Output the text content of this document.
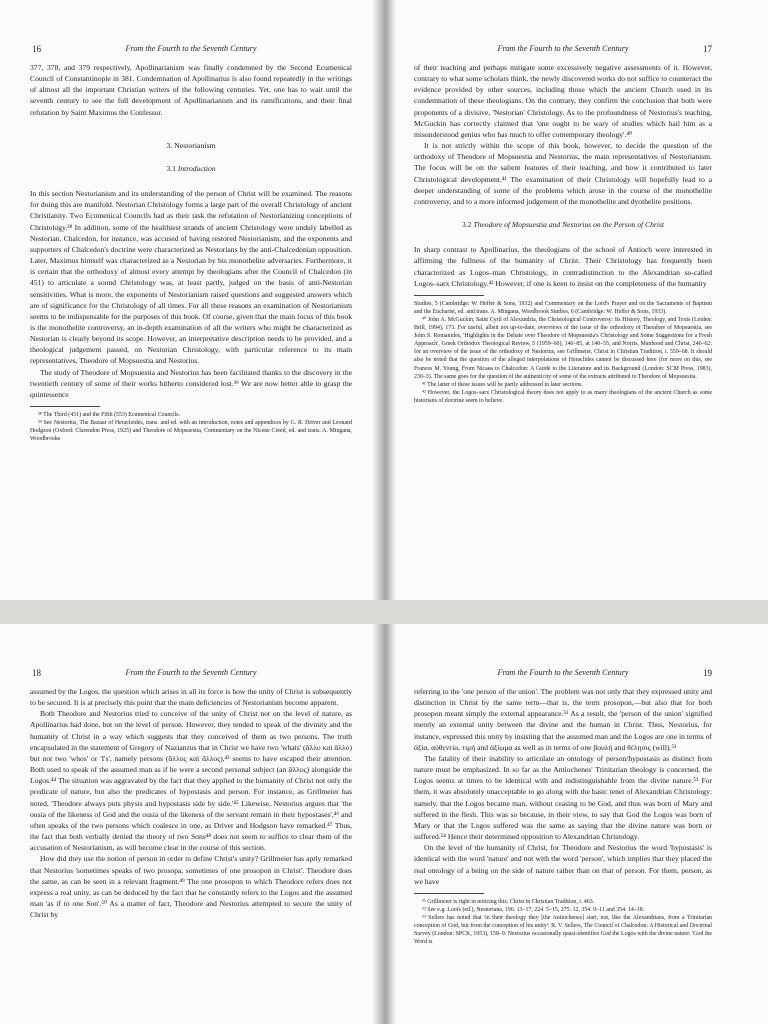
16	From the Fourth to the Seventh Century

377, 378, and 379 respectively, Apollinarianism was finally condemned by the Second Ecumenical Council of Constantinople in 381. Condemnation of Apollinarius is also found repeatedly in the writings of almost all the important Christian writers of the following centuries. Yet, one has to wait until the seventh century to see the full development of Apollinarianism and its ramifications, and their final refutation by Saint Maximus the Confessor.

3. Nestorianism
3.1 Introduction

In this section Nestorianism and its understanding of the person of Christ will be examined. The reasons for doing this are manifold. Nestorian Christology forms a large part of the overall Christology of ancient Christianity. Two Ecumenical Councils had as their task the refutation of Nestorianizing conceptions of Christology.³⁸ In addition, some of the healthiest strands of ancient Christology were unduly labelled as Nestorian. Chalcedon, for instance, was accused of having restored Nestorianism, and the exponents and supporters of Chalcedon's doctrine were characterized as Nestorians by the anti-Chalcedonian opposition. Later, Maximus himself was characterized as a Nestorian by his monothelite adversaries. Furthermore, it is certain that the orthodoxy of almost every attempt by theologians after the Council of Chalcedon (in 451) to articulate a sound Christology was, at least partly, judged on the basis of anti-Nestorian sensitivities. What is more, the exponents of Nestorianism raised questions and suggested answers which are of significance for the Christology of all times. For all these reasons an examination of Nestorianism seems to be indispensable for the purposes of this book. Of course, given that the main focus of this book is the monothelite controversy, an in-depth examination of all the writers who might be characterized as Nestorian is clearly beyond its scope. However, an interpretative description needs to be provided, and a theological judgement passed, on Nestorian Christology, with particular reference to its main representatives, Theodore of Mopsuestia and Nestorius.

The study of Theodore of Mopsuestia and Nestorius has been facilitated thanks to the discovery in the twentieth century of some of their works hitherto considered lost.³⁹ We are now better able to grasp the quintessence

³⁸ The Third (431) and the Fifth (553) Ecumenical Councils.

³⁹ See Nestorius, The Bazaar of Heracleides, trans. and ed. with an introduction, notes and appendices by G. R. Driver and Leonard Hodgson (Oxford: Clarendon Press, 1925) and Theodore of Mopsuestia, Commentary on the Nicene Creed, ed. and trans. A. Mingana, Woodbrooke

From the Fourth to the Seventh Century	17

of their teaching and perhaps mitigate some excessively negative assessments of it. However, contrary to what some scholars think, the newly discovered works do not suffice to counteract the evidence provided by other sources, including those which the ancient Church used in its condemnation of these theologians. On the contrary, they confirm the conclusion that both were proponents of a divisive, 'Nestorian' Christology. As to the profoundness of Nestorius's teaching, McGuckin has correctly claimed that 'one ought to be wary of studies which hail him as a misunderstood genius who has much to offer contemporary theology'.⁴⁰

It is not strictly within the scope of this book, however, to decide the question of the orthodoxy of Theodore of Mopsuestia and Nestorius, the main representatives of Nestorianism. The focus will be on the salient features of their teaching, and how it contributed to later Christological development.⁴¹ The examination of their Christology will hopefully lead to a deeper understanding of some of the problems which arose in the course of the monothelite controversy, and to a more informed judgement of the monothelite and dyothelite positions.

3.2 Theodore of Mopsuestia and Nestorius on the Person of Christ

In sharp contrast to Apollinarius, the theologians of the school of Antioch were interested in affirming the fullness of the humanity of Christ. Their Christology has frequently been characterized as Logos–man Christology, in contradistinction to the Alexandrian so-called Logos–sarx Christology.⁴² However, if one is keen to insist on the completeness of the humanity

Studies, 5 (Cambridge: W. Heffer & Sons, 1932) and Commentary on the Lord's Prayer and on the Sacraments of Baptism and the Eucharist, ed. and trans. A. Mingana, Woodbrook Studies, 6 (Cambridge: W. Heffer & Sons, 1933).

⁴⁰ John A. McGuckin, Saint Cyril of Alexandria, the Christological Controversy: Its History, Theology, and Texts (Leiden: Brill, 1994), 173. For useful, albeit not up-to-date, overviews of the issue of the orthodoxy of Theodore of Mopsuestia, see John S. Romanides, 'Highlights in the Debate over Theodore of Mopsuestia's Christology and Some Suggestions for a Fresh Approach', Greek Orthodox Theological Review, 5 (1959–60), 140–85, at 140–55, and Norris, Manhood and Christ, 246–62; for an overview of the issue of the orthodoxy of Nestorius, see Grillmeier, Christ in Christian Tradition, i. 559–68. It should also be noted that the question of the alleged interpolations of Heraclides cannot be discussed here (for more on this, see Frances M. Young, From Nicaea to Chalcedon: A Guide to the Literature and its Background (London: SCM Press, 1983), 230–3). The same goes for the question of the authenticity of some of the extracts attributed to Theodore of Mopsuestia.

⁴¹ The latter of these issues will be partly addressed in later sections.

⁴² However, the Logos–sarx Christological theory does not apply to as many theologians of the ancient Church as some historians of doctrine seem to believe.

18	From the Fourth to the Seventh Century

assumed by the Logos, the question which arises in all its force is how the unity of Christ is subsequently to be secured. It is at precisely this point that the main deficiencies of Nestorianism become apparent.

Both Theodore and Nestorius tried to conceive of the unity of Christ not on the level of nature, as Apollinarius had done, but on the level of person. However, they tended to speak of the divinity and the humanity of Christ in a way which suggests that they conceived of them as two persons. The truth encapsulated in the statement of Gregory of Nazianzus that in Christ we have two 'whats' (ἄλλο καὶ ἄλλο) but not two 'whos' or 'I's', namely persons (ἄλλος καὶ ἄλλος),⁴³ seems to have escaped their attention. Both used to speak of the assumed man as if he were a second personal subject (an ἄλλος) alongside the Logos.⁴⁴ The situation was aggravated by the fact that they applied to the humanity of Christ not only the predicate of nature, but also the predicates of hypostasis and person. For instance, as Grillmeier has noted, 'Theodore always puts physis and hypostasis side by side.'⁴⁵ Likewise, Nestorius argues that 'the ousia of the likeness of God and the ousia of the likeness of the servant remain in their hypostases',⁴⁶ and often speaks of the two persons which coalesce in one, as Driver and Hodgson have remarked.⁴⁷ Thus, the fact that both verbally denied the theory of two Sons⁴⁸ does not seem to suffice to clear them of the accusation of Nestorianism, as will become clear in the course of this section.

How did they use the notion of person in order to define Christ's unity? Grillmeier has aptly remarked that Nestorius 'sometimes speaks of two prosopa, sometimes of one prosopon in Christ'. Theodore does the same, as can be seen in a relevant fragment.⁴⁹ The one prosopon to which Theodore refers does not express a real unity, as can be deduced by the fact that he constantly refers to the Logos and the assumed man 'as if to one Son'.⁵⁰ As a matter of fact, Theodore and Nestorius attempted to secure the unity of Christ by

From the Fourth to the Seventh Century	19

referring to the 'one person of the union'. The problem was not only that they expressed unity and distinction in Christ by the same term—that is, the term prosopon,—but also that for both prosopon meant simply the external appearance.⁵¹ As a result, the 'person of the union' signified merely an external unity between the divine and the human in Christ. Thus, Nestorius, for instance, expressed this unity by insisting that the assumed man and the Logos are one in terms of ἀξία, αὐθεντία, τιμή and ἀξίωμα as well as in terms of one βουλή and θέλησις (will).⁵³

The fatality of their inability to articulate an ontology of person/hypostasis as distinct from nature must be emphasized. In so far as the Antiochenes' Trinitarian theology is concerned, the Logos seems at times to be identical with and indistinguishable from the divine nature.⁵³ For them, it was absolutely unacceptable to go along with the basic tenet of Alexandrian Christology: namely, that the Logos became man, without ceasing to be God, and thus was born of Mary and suffered in the flesh. This was so because, in their view, to say that God the Logos was born of Mary or that the Logos suffered was the same as saying that the divine nature was born or suffered.⁵⁴ Hence their determined opposition to Alexandrian Christology.

On the level of the humanity of Christ, for Theodore and Nestorius the word 'hypostasis' is identical with the word 'nature' and not with the word 'person', which implies that they placed the real ontology of a being on the side of nature rather than on that of person. For them, person, as we have

⁵¹ Grillmeier is right in noticing this: Christ in Christian Tradition, i. 463.

⁵² See e.g. Loofs (ed.), Nestoriana, 196. 13–17, 224. 5–15, 275. 12, 354. 9–11 and 354. 14–18.

⁵³ Sellers has noted that 'in their theology they [the Antiochenes] start, not, like the Alexandrians, from a Trinitarian conception of God, but from the conception of his unity': R. V. Sellers, The Council of Chalcedon: A Historical and Doctrinal Survey (London: SPCK, 1953), 158–9. Nestorius occasionally quasi-identifies God the Logos with the divine nature: 'God the Word is
